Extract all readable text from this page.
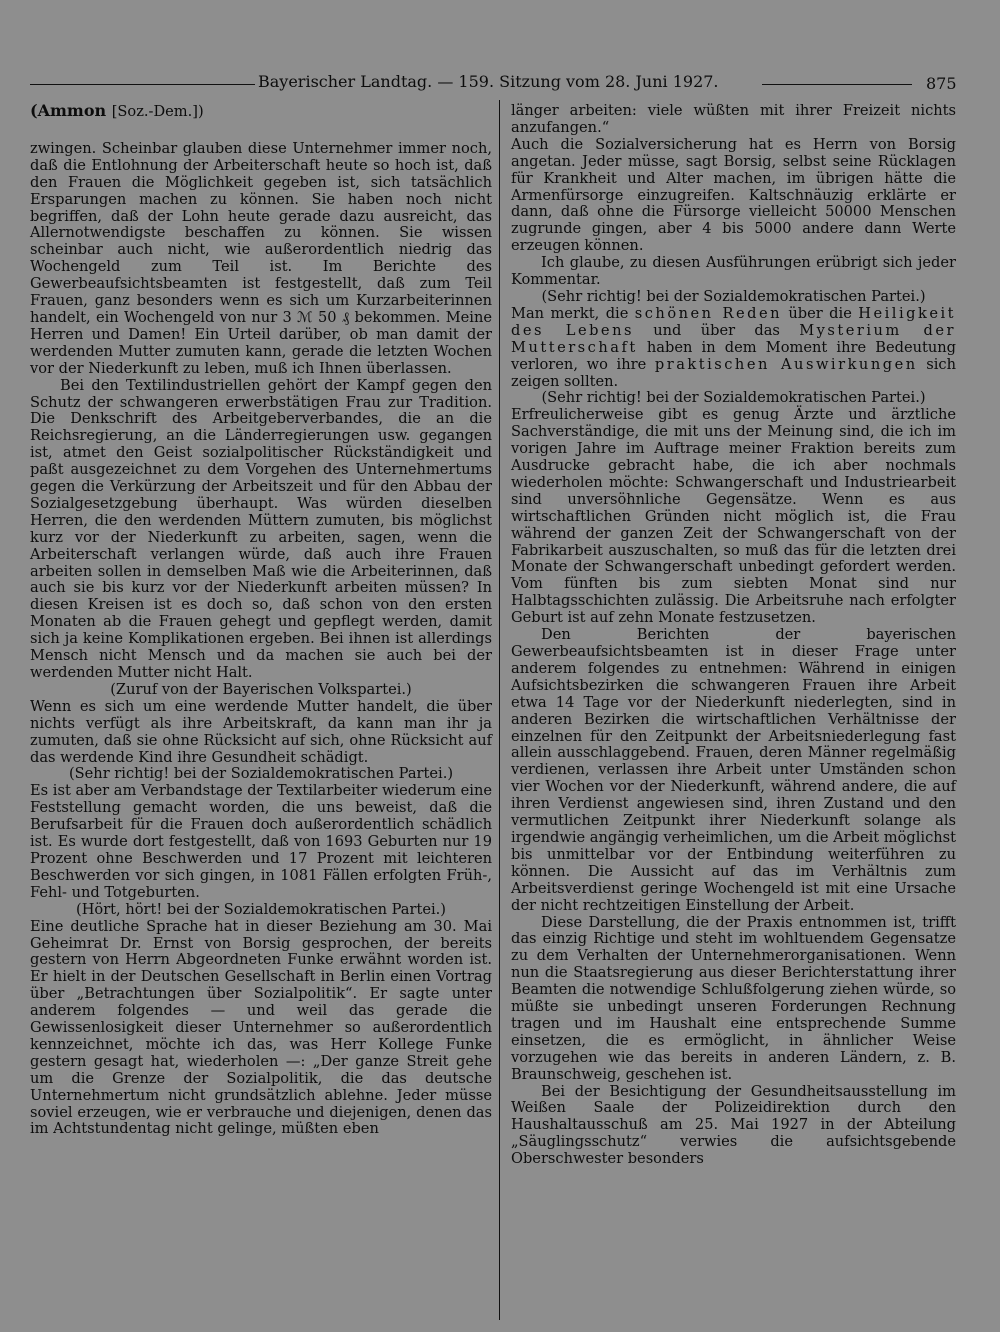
Bayerischer Landtag. — 159. Sitzung vom 28. Juni 1927.	875

(Ammon [Soz.-Dem.])

zwingen. Scheinbar glauben diese Unternehmer immer noch, daß die Entlohnung der Arbeiterschaft heute so hoch ist, daß den Frauen die Möglichkeit gegeben ist, sich tatsächlich Ersparungen machen zu können. Sie haben noch nicht begriffen, daß der Lohn heute gerade dazu ausreicht, das Allernotwendigste beschaffen zu können. Sie wissen scheinbar auch nicht, wie außerordentlich niedrig das Wochengeld zum Teil ist. Im Berichte des Gewerbeaufsichtsbeamten ist festgestellt, daß zum Teil Frauen, ganz besonders wenn es sich um Kurzarbeiterinnen handelt, ein Wochengeld von nur 3 ℳ 50 ₰ bekommen. Meine Herren und Damen! Ein Urteil darüber, ob man damit der werdenden Mutter zumuten kann, gerade die letzten Wochen vor der Niederkunft zu leben, muß ich Ihnen überlassen.

Bei den Textilindustriellen gehört der Kampf gegen den Schutz der schwangeren erwerbstätigen Frau zur Tradition. Die Denkschrift des Arbeitgeberverbandes, die an die Reichsregierung, an die Länderregierungen usw. gegangen ist, atmet den Geist sozialpolitischer Rückständigkeit und paßt ausgezeichnet zu dem Vorgehen des Unternehmertums gegen die Verkürzung der Arbeitszeit und für den Abbau der Sozialgesetzgebung überhaupt. Was würden dieselben Herren, die den werdenden Müttern zumuten, bis möglichst kurz vor der Niederkunft zu arbeiten, sagen, wenn die Arbeiterschaft verlangen würde, daß auch ihre Frauen arbeiten sollen in demselben Maß wie die Arbeiterinnen, daß auch sie bis kurz vor der Niederkunft arbeiten müssen? In diesen Kreisen ist es doch so, daß schon von den ersten Monaten ab die Frauen gehegt und gepflegt werden, damit sich ja keine Komplikationen ergeben. Bei ihnen ist allerdings Mensch nicht Mensch und da machen sie auch bei der werdenden Mutter nicht Halt.

(Zuruf von der Bayerischen Volkspartei.)

Wenn es sich um eine werdende Mutter handelt, die über nichts verfügt als ihre Arbeitskraft, da kann man ihr ja zumuten, daß sie ohne Rücksicht auf sich, ohne Rücksicht auf das werdende Kind ihre Gesundheit schädigt.

(Sehr richtig! bei der Sozialdemokratischen Partei.)

Es ist aber am Verbandstage der Textilarbeiter wiederum eine Feststellung gemacht worden, die uns beweist, daß die Berufsarbeit für die Frauen doch außerordentlich schädlich ist. Es wurde dort festgestellt, daß von 1693 Geburten nur 19 Prozent ohne Beschwerden und 17 Prozent mit leichteren Beschwerden vor sich gingen, in 1081 Fällen erfolgten Früh-, Fehl- und Totgeburten.

(Hört, hört! bei der Sozialdemokratischen Partei.)

Eine deutliche Sprache hat in dieser Beziehung am 30. Mai Geheimrat Dr. Ernst von Borsig gesprochen, der bereits gestern von Herrn Abgeordneten Funke erwähnt worden ist. Er hielt in der Deutschen Gesellschaft in Berlin einen Vortrag über „Betrachtungen über Sozialpolitik“. Er sagte unter anderem folgendes — und weil das gerade die Gewissenlosigkeit dieser Unternehmer so außerordentlich kennzeichnet, möchte ich das, was Herr Kollege Funke gestern gesagt hat, wiederholen —: „Der ganze Streit gehe um die Grenze der Sozialpolitik, die das deutsche Unternehmertum nicht grundsätzlich ablehne. Jeder müsse soviel erzeugen, wie er verbrauche und diejenigen, denen das im Achtstundentag nicht gelinge, müßten eben

länger arbeiten: viele wüßten mit ihrer Freizeit nichts anzufangen.“

Auch die Sozialversicherung hat es Herrn von Borsig angetan. Jeder müsse, sagt Borsig, selbst seine Rücklagen für Krankheit und Alter machen, im übrigen hätte die Armenfürsorge einzugreifen. Kaltschnäuzig erklärte er dann, daß ohne die Fürsorge vielleicht 50000 Menschen zugrunde gingen, aber 4 bis 5000 andere dann Werte erzeugen können.

Ich glaube, zu diesen Ausführungen erübrigt sich jeder Kommentar.

(Sehr richtig! bei der Sozialdemokratischen Partei.)

Man merkt, die schönen Reden über die Heiligkeit des Lebens und über das Mysterium der Mutterschaft haben in dem Moment ihre Bedeutung verloren, wo ihre praktischen Auswirkungen sich zeigen sollten.

(Sehr richtig! bei der Sozialdemokratischen Partei.)

Erfreulicherweise gibt es genug Ärzte und ärztliche Sachverständige, die mit uns der Meinung sind, die ich im vorigen Jahre im Auftrage meiner Fraktion bereits zum Ausdrucke gebracht habe, die ich aber nochmals wiederholen möchte: Schwangerschaft und Industriearbeit sind unversöhnliche Gegensätze. Wenn es aus wirtschaftlichen Gründen nicht möglich ist, die Frau während der ganzen Zeit der Schwangerschaft von der Fabrikarbeit auszuschalten, so muß das für die letzten drei Monate der Schwangerschaft unbedingt gefordert werden. Vom fünften bis zum siebten Monat sind nur Halbtagsschichten zulässig. Die Arbeitsruhe nach erfolgter Geburt ist auf zehn Monate festzusetzen.

Den Berichten der bayerischen Gewerbeaufsichtsbeamten ist in dieser Frage unter anderem folgendes zu entnehmen: Während in einigen Aufsichtsbezirken die schwangeren Frauen ihre Arbeit etwa 14 Tage vor der Niederkunft niederlegten, sind in anderen Bezirken die wirtschaftlichen Verhältnisse der einzelnen für den Zeitpunkt der Arbeitsniederlegung fast allein ausschlaggebend. Frauen, deren Männer regelmäßig verdienen, verlassen ihre Arbeit unter Umständen schon vier Wochen vor der Niederkunft, während andere, die auf ihren Verdienst angewiesen sind, ihren Zustand und den vermutlichen Zeitpunkt ihrer Niederkunft solange als irgendwie angängig verheimlichen, um die Arbeit möglichst bis unmittelbar vor der Entbindung weiterführen zu können. Die Aussicht auf das im Verhältnis zum Arbeitsverdienst geringe Wochengeld ist mit eine Ursache der nicht rechtzeitigen Einstellung der Arbeit.

Diese Darstellung, die der Praxis entnommen ist, trifft das einzig Richtige und steht im wohltuendem Gegensatze zu dem Verhalten der Unternehmerorganisationen. Wenn nun die Staatsregierung aus dieser Berichterstattung ihrer Beamten die notwendige Schlußfolgerung ziehen würde, so müßte sie unbedingt unseren Forderungen Rechnung tragen und im Haushalt eine entsprechende Summe einsetzen, die es ermöglicht, in ähnlicher Weise vorzugehen wie das bereits in anderen Ländern, z. B. Braunschweig, geschehen ist.

Bei der Besichtigung der Gesundheitsausstellung im Weißen Saale der Polizeidirektion durch den Haushaltausschuß am 25. Mai 1927 in der Abteilung „Säuglingsschutz“ verwies die aufsichtsgebende Oberschwester besonders
